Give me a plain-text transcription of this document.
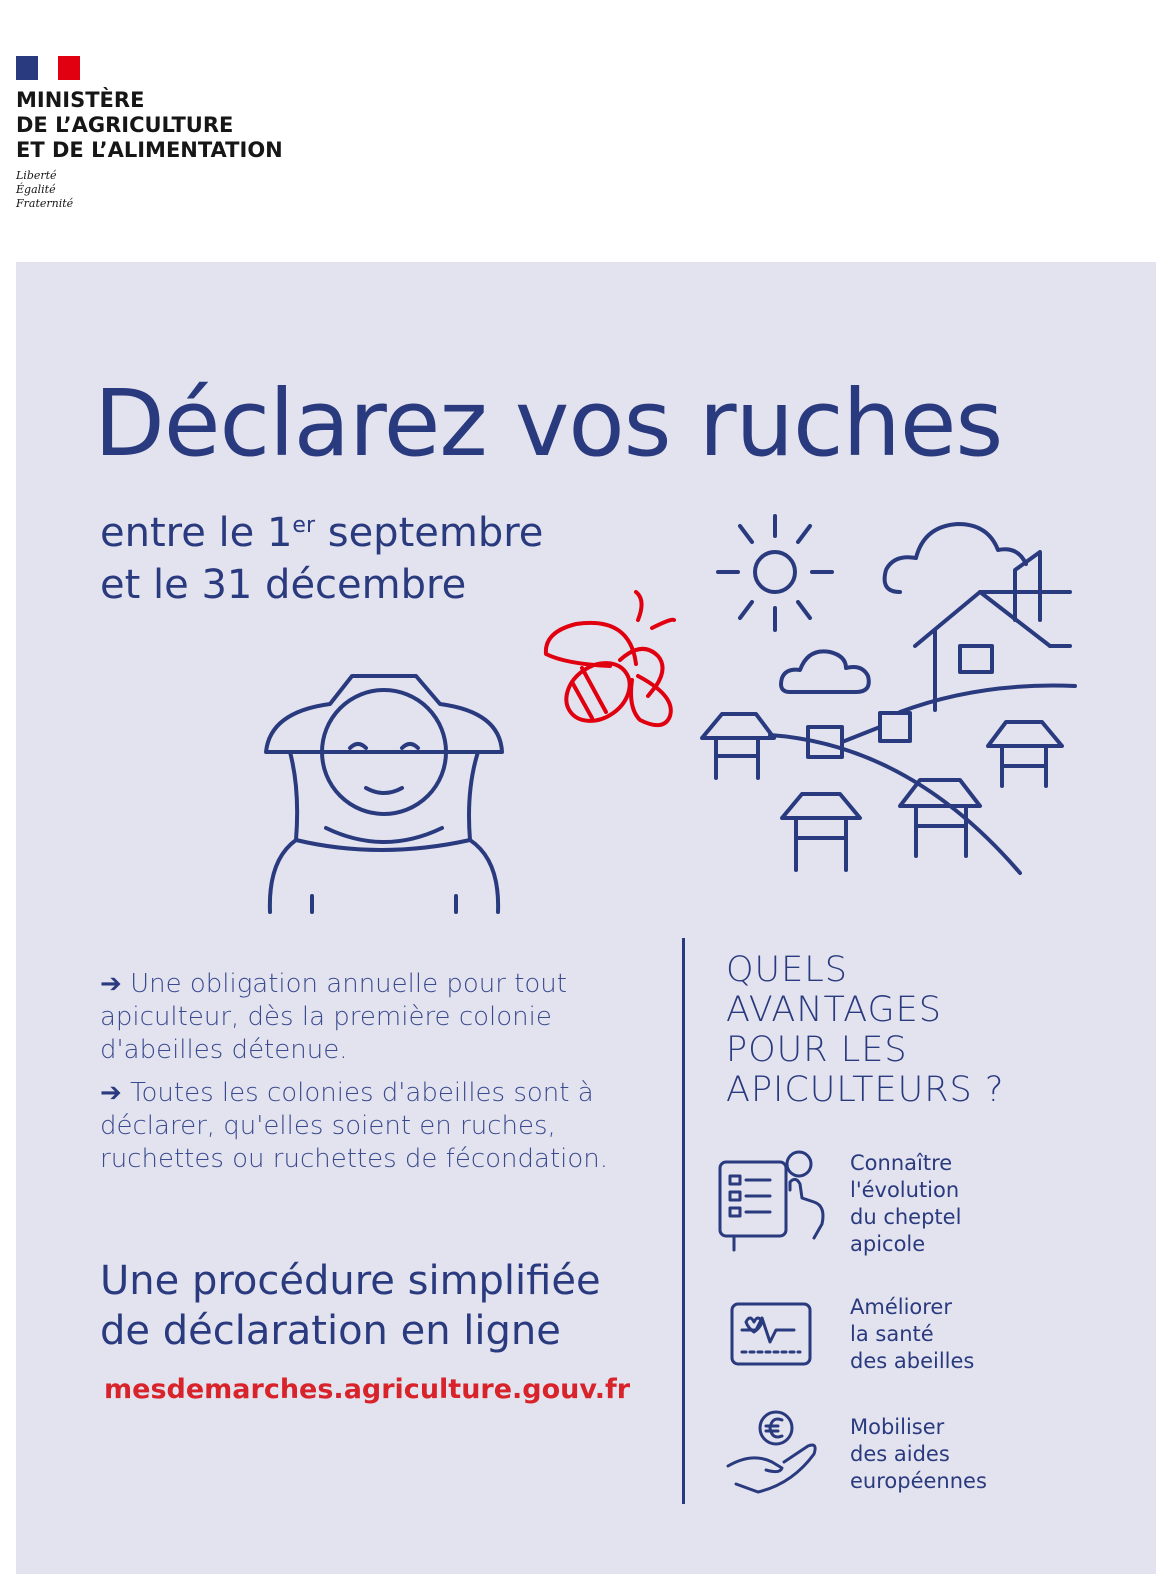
MINISTÈRE
DE L’AGRICULTURE
ET DE L’ALIMENTATION
Liberté
Égalité
Fraternité
Déclarez vos ruches
entre le 1er septembre
et le 31 décembre

➔ Une obligation annuelle pour tout apiculteur, dès la première colonie d'abeilles détenue.

➔ Toutes les colonies d'abeilles sont à déclarer, qu'elles soient en ruches, ruchettes ou ruchettes de fécondation.

Une procédure simplifiée
de déclaration en ligne
mesdemarches.agriculture.gouv.fr
QUELS
AVANTAGES
POUR LES
APICULTEURS ?
Connaître
l'évolution
du cheptel
apicole
Améliorer
la santé
des abeilles
Mobiliser
des aides
européennes
